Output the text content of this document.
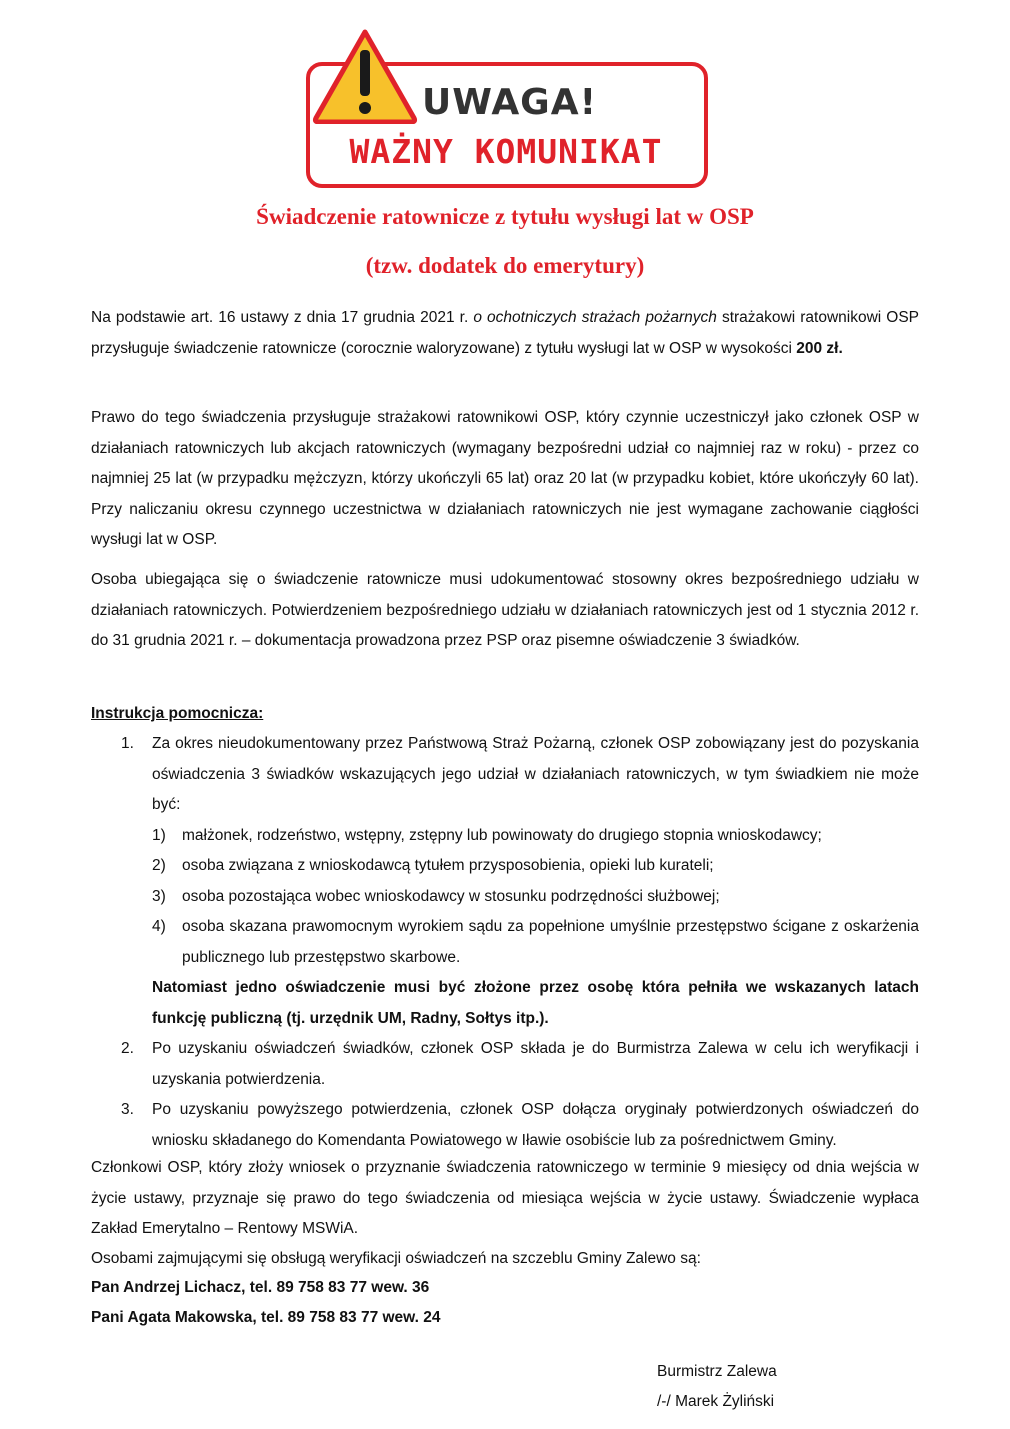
UWAGA!
WAŻNY KOMUNIKAT
Świadczenie ratownicze z tytułu wysługi lat w OSP
(tzw. dodatek do emerytury)
Na podstawie art. 16 ustawy z dnia 17 grudnia 2021 r. o ochotniczych strażach pożarnych strażakowi ratownikowi OSP przysługuje świadczenie ratownicze (corocznie waloryzowane) z tytułu wysługi lat w OSP w wysokości 200 zł.
Prawo do tego świadczenia przysługuje strażakowi ratownikowi OSP, który czynnie uczestniczył jako członek OSP w działaniach ratowniczych lub akcjach ratowniczych (wymagany bezpośredni udział co najmniej raz w roku) - przez co najmniej 25 lat (w przypadku mężczyzn, którzy ukończyli 65 lat) oraz 20 lat (w przypadku kobiet, które ukończyły 60 lat). Przy naliczaniu okresu czynnego uczestnictwa w działaniach ratowniczych nie jest wymagane zachowanie ciągłości wysługi lat w OSP.
Osoba ubiegająca się o świadczenie ratownicze musi udokumentować stosowny okres bezpośredniego udziału w działaniach ratowniczych. Potwierdzeniem bezpośredniego udziału w działaniach ratowniczych jest od 1 stycznia 2012 r. do 31 grudnia 2021 r. – dokumentacja prowadzona przez PSP oraz pisemne oświadczenie 3 świadków.
Instrukcja pomocnicza:
1. Za okres nieudokumentowany przez Państwową Straż Pożarną, członek OSP zobowiązany jest do pozyskania oświadczenia 3 świadków wskazujących jego udział w działaniach ratowniczych, w tym świadkiem nie może być:
1) małżonek, rodzeństwo, wstępny, zstępny lub powinowaty do drugiego stopnia wnioskodawcy;
2) osoba związana z wnioskodawcą tytułem przysposobienia, opieki lub kurateli;
3) osoba pozostająca wobec wnioskodawcy w stosunku podrzędności służbowej;
4) osoba skazana prawomocnym wyrokiem sądu za popełnione umyślnie przestępstwo ścigane z oskarżenia publicznego lub przestępstwo skarbowe.
Natomiast jedno oświadczenie musi być złożone przez osobę która pełniła we wskazanych latach funkcję publiczną (tj. urzędnik UM, Radny, Sołtys itp.).
2. Po uzyskaniu oświadczeń świadków, członek OSP składa je do Burmistrza Zalewa w celu ich weryfikacji i uzyskania potwierdzenia.
3. Po uzyskaniu powyższego potwierdzenia, członek OSP dołącza oryginały potwierdzonych oświadczeń do wniosku składanego do Komendanta Powiatowego w Iławie osobiście lub za pośrednictwem Gminy.
Członkowi OSP, który złoży wniosek o przyznanie świadczenia ratowniczego w terminie 9 miesięcy od dnia wejścia w życie ustawy, przyznaje się prawo do tego świadczenia od miesiąca wejścia w życie ustawy. Świadczenie wypłaca Zakład Emerytalno – Rentowy MSWiA.
Osobami zajmującymi się obsługą weryfikacji oświadczeń na szczeblu Gminy Zalewo są:
Pan Andrzej Lichacz, tel. 89 758 83 77 wew. 36
Pani Agata Makowska, tel. 89 758 83 77 wew. 24
Burmistrz Zalewa
/-/ Marek Żyliński
